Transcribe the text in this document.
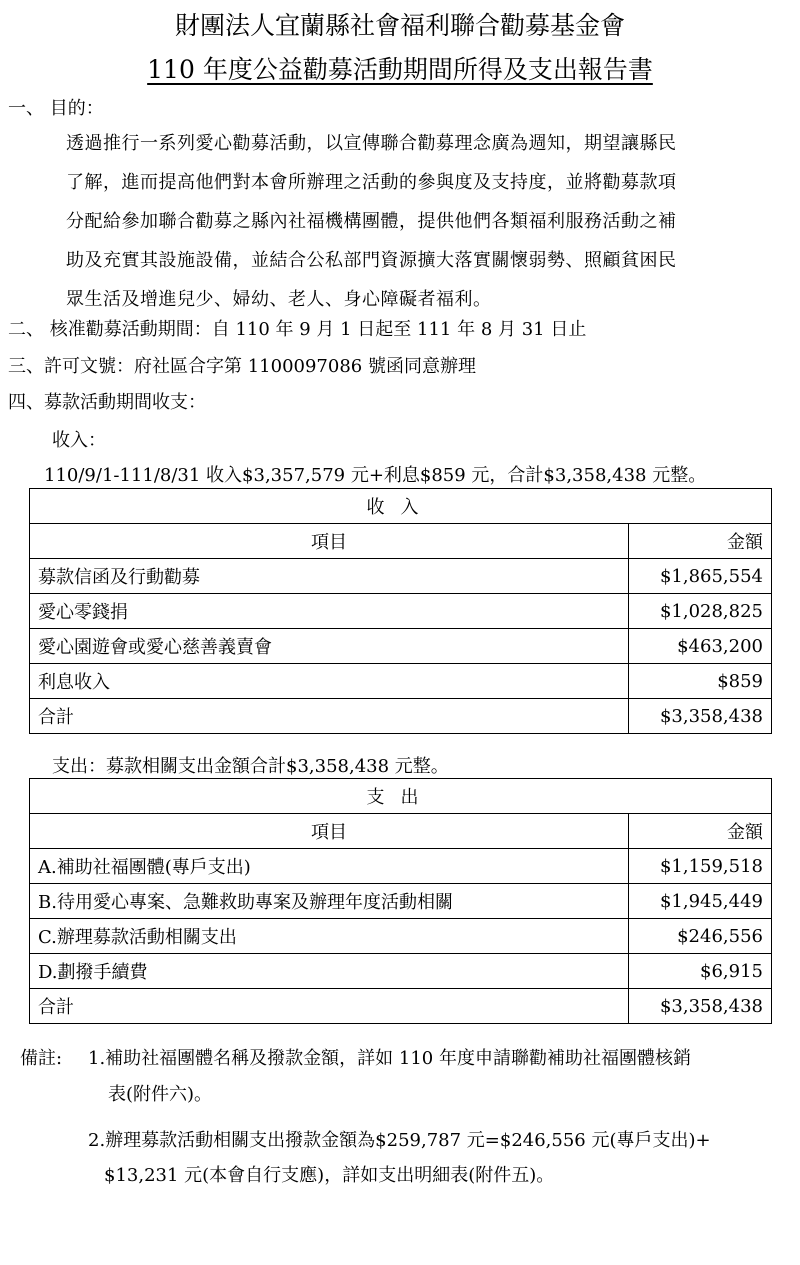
財團法人宜蘭縣社會福利聯合勸募基金會
110 年度公益勸募活動期間所得及支出報告書
一、 目的：
透過推行一系列愛心勸募活動，以宣傳聯合勸募理念廣為週知，期望讓縣民
了解，進而提高他們對本會所辦理之活動的參與度及支持度，並將勸募款項
分配給參加聯合勸募之縣內社福機構團體，提供他們各類福利服務活動之補
助及充實其設施設備，並結合公私部門資源擴大落實關懷弱勢、照顧貧困民
眾生活及增進兒少、婦幼、老人、身心障礙者福利。
二、 核准勸募活動期間：自 110 年 9 月 1 日起至 111 年 8 月 31 日止
三、許可文號：府社區合字第 1100097086 號函同意辦理
四、募款活動期間收支：
收入：
110/9/1-111/8/31 收入$3,357,579 元+利息$859 元，合計$3,358,438 元整。
收入	
項目	金額
募款信函及行動勸募	$1,865,554
愛心零錢捐	$1,028,825
愛心園遊會或愛心慈善義賣會	$463,200
利息收入	$859
合計	$3,358,438
支出：募款相關支出金額合計$3,358,438 元整。
支出	
項目	金額
A.補助社福團體(專戶支出)	$1,159,518
B.待用愛心專案、急難救助專案及辦理年度活動相關	$1,945,449
C.辦理募款活動相關支出	$246,556
D.劃撥手續費	$6,915
合計	$3,358,438
備註: 1.補助社福團體名稱及撥款金額，詳如 110 年度申請聯勸補助社福團體核銷
表(附件六)。
2.辦理募款活動相關支出撥款金額為$259,787 元=$246,556 元(專戶支出)+
$13,231 元(本會自行支應)，詳如支出明細表(附件五)。
